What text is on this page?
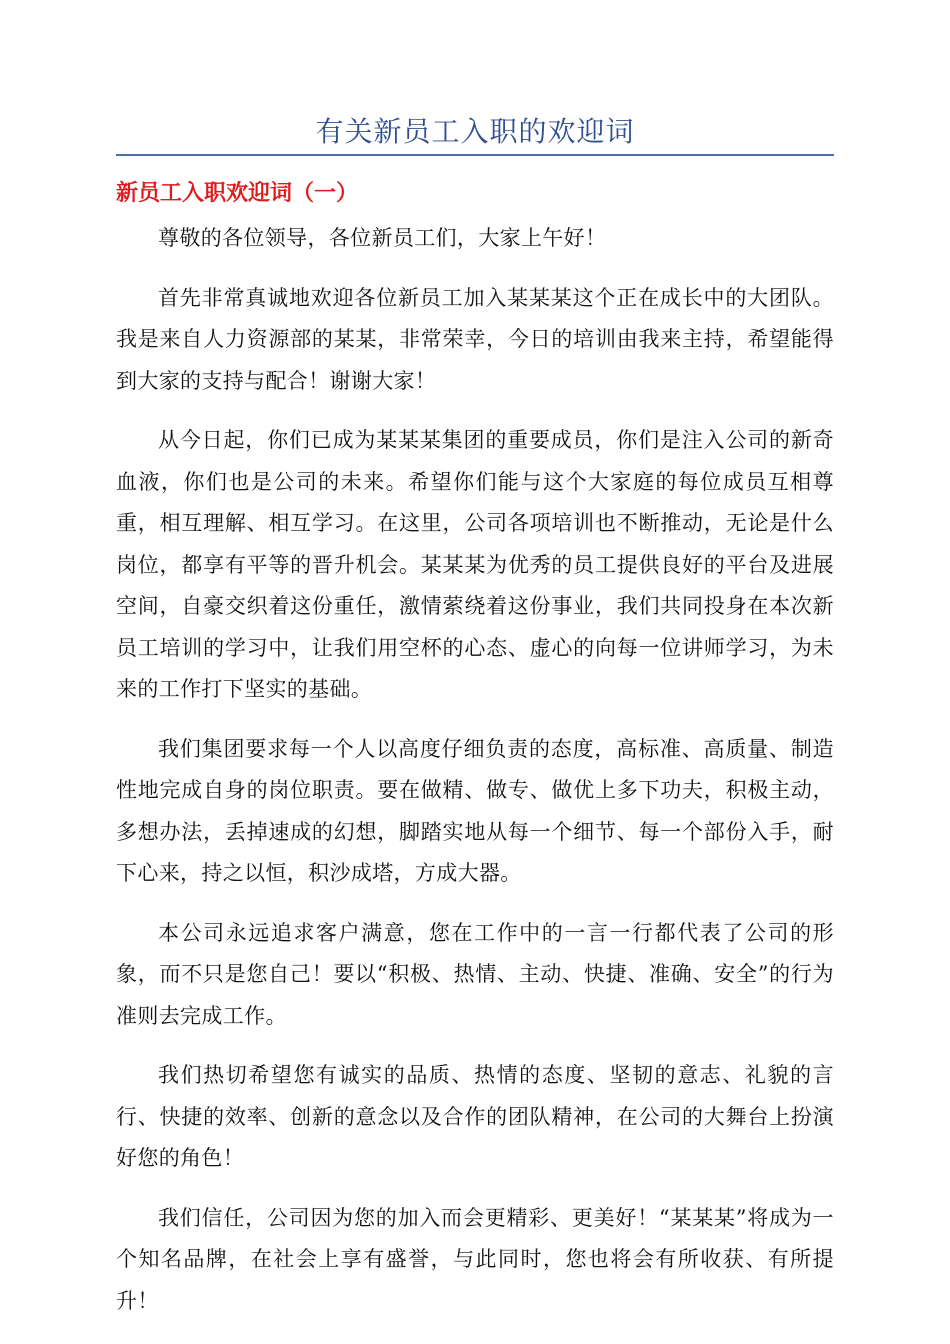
有关新员工入职的欢迎词
新员工入职欢迎词（一）

尊敬的各位领导，各位新员工们，大家上午好！

首先非常真诚地欢迎各位新员工加入某某某这个正在成长中的大团队。我是来自人力资源部的某某，非常荣幸，今日的培训由我来主持，希望能得到大家的支持与配合！谢谢大家！

从今日起，你们已成为某某某集团的重要成员，你们是注入公司的新奇血液，你们也是公司的未来。希望你们能与这个大家庭的每位成员互相尊重，相互理解、相互学习。在这里，公司各项培训也不断推动，无论是什么岗位，都享有平等的晋升机会。某某某为优秀的员工提供良好的平台及进展空间，自豪交织着这份重任，激情萦绕着这份事业，我们共同投身在本次新员工培训的学习中，让我们用空杯的心态、虚心的向每一位讲师学习，为未来的工作打下坚实的基础。

我们集团要求每一个人以高度仔细负责的态度，高标准、高质量、制造性地完成自身的岗位职责。要在做精、做专、做优上多下功夫，积极主动，多想办法，丢掉速成的幻想，脚踏实地从每一个细节、每一个部份入手，耐下心来，持之以恒，积沙成塔，方成大器。

本公司永远追求客户满意，您在工作中的一言一行都代表了公司的形象，而不只是您自己！要以“积极、热情、主动、快捷、准确、安全”的行为准则去完成工作。

我们热切希望您有诚实的品质、热情的态度、坚韧的意志、礼貌的言行、快捷的效率、创新的意念以及合作的团队精神，在公司的大舞台上扮演好您的角色！

我们信任，公司因为您的加入而会更精彩、更美好！“某某某”将成为一个知名品牌，在社会上享有盛誉，与此同时，您也将会有所收获、有所提升！
